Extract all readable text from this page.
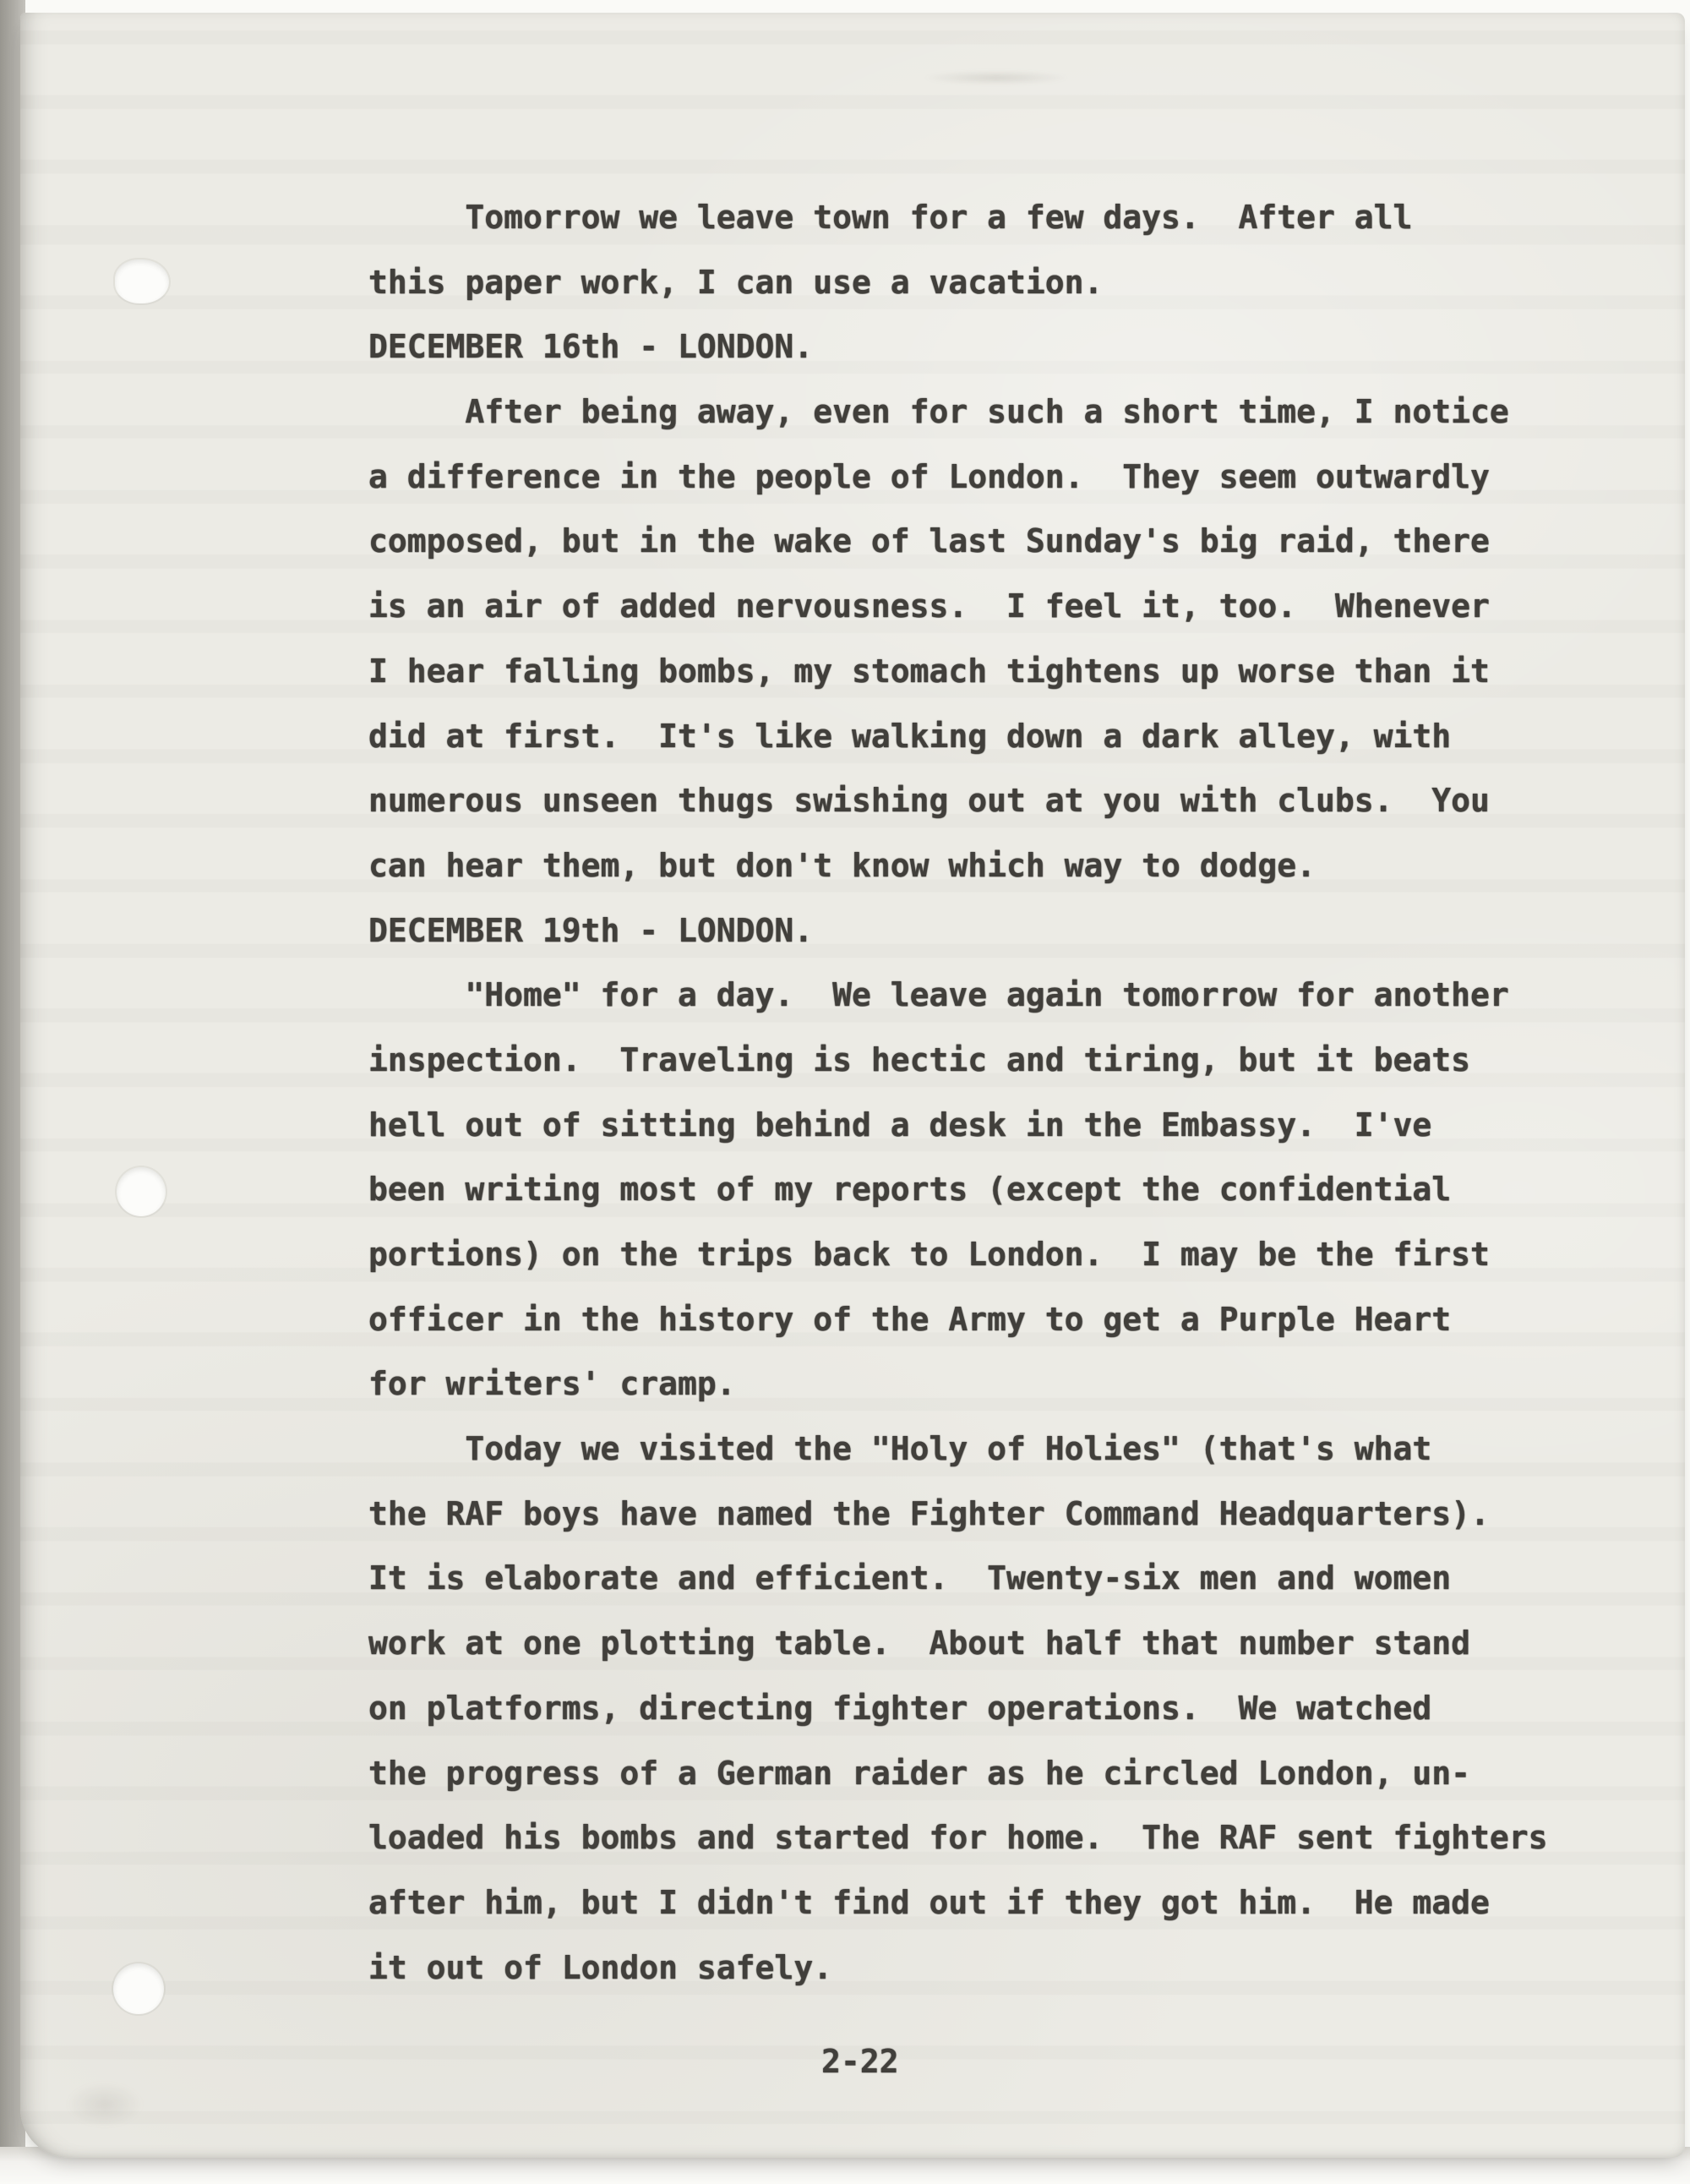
Tomorrow we leave town for a few days.  After all
this paper work, I can use a vacation.
DECEMBER 16th - LONDON.
After being away, even for such a short time, I notice
a difference in the people of London.  They seem outwardly
composed, but in the wake of last Sunday's big raid, there
is an air of added nervousness.  I feel it, too.  Whenever
I hear falling bombs, my stomach tightens up worse than it
did at first.  It's like walking down a dark alley, with
numerous unseen thugs swishing out at you with clubs.  You
can hear them, but don't know which way to dodge.
DECEMBER 19th - LONDON.
"Home" for a day.  We leave again tomorrow for another
inspection.  Traveling is hectic and tiring, but it beats
hell out of sitting behind a desk in the Embassy.  I've
been writing most of my reports (except the confidential
portions) on the trips back to London.  I may be the first
officer in the history of the Army to get a Purple Heart
for writers' cramp.
Today we visited the "Holy of Holies" (that's what
the RAF boys have named the Fighter Command Headquarters).
It is elaborate and efficient.  Twenty-six men and women
work at one plotting table.  About half that number stand
on platforms, directing fighter operations.  We watched
the progress of a German raider as he circled London, un-
loaded his bombs and started for home.  The RAF sent fighters
after him, but I didn't find out if they got him.  He made
it out of London safely.
2-22
